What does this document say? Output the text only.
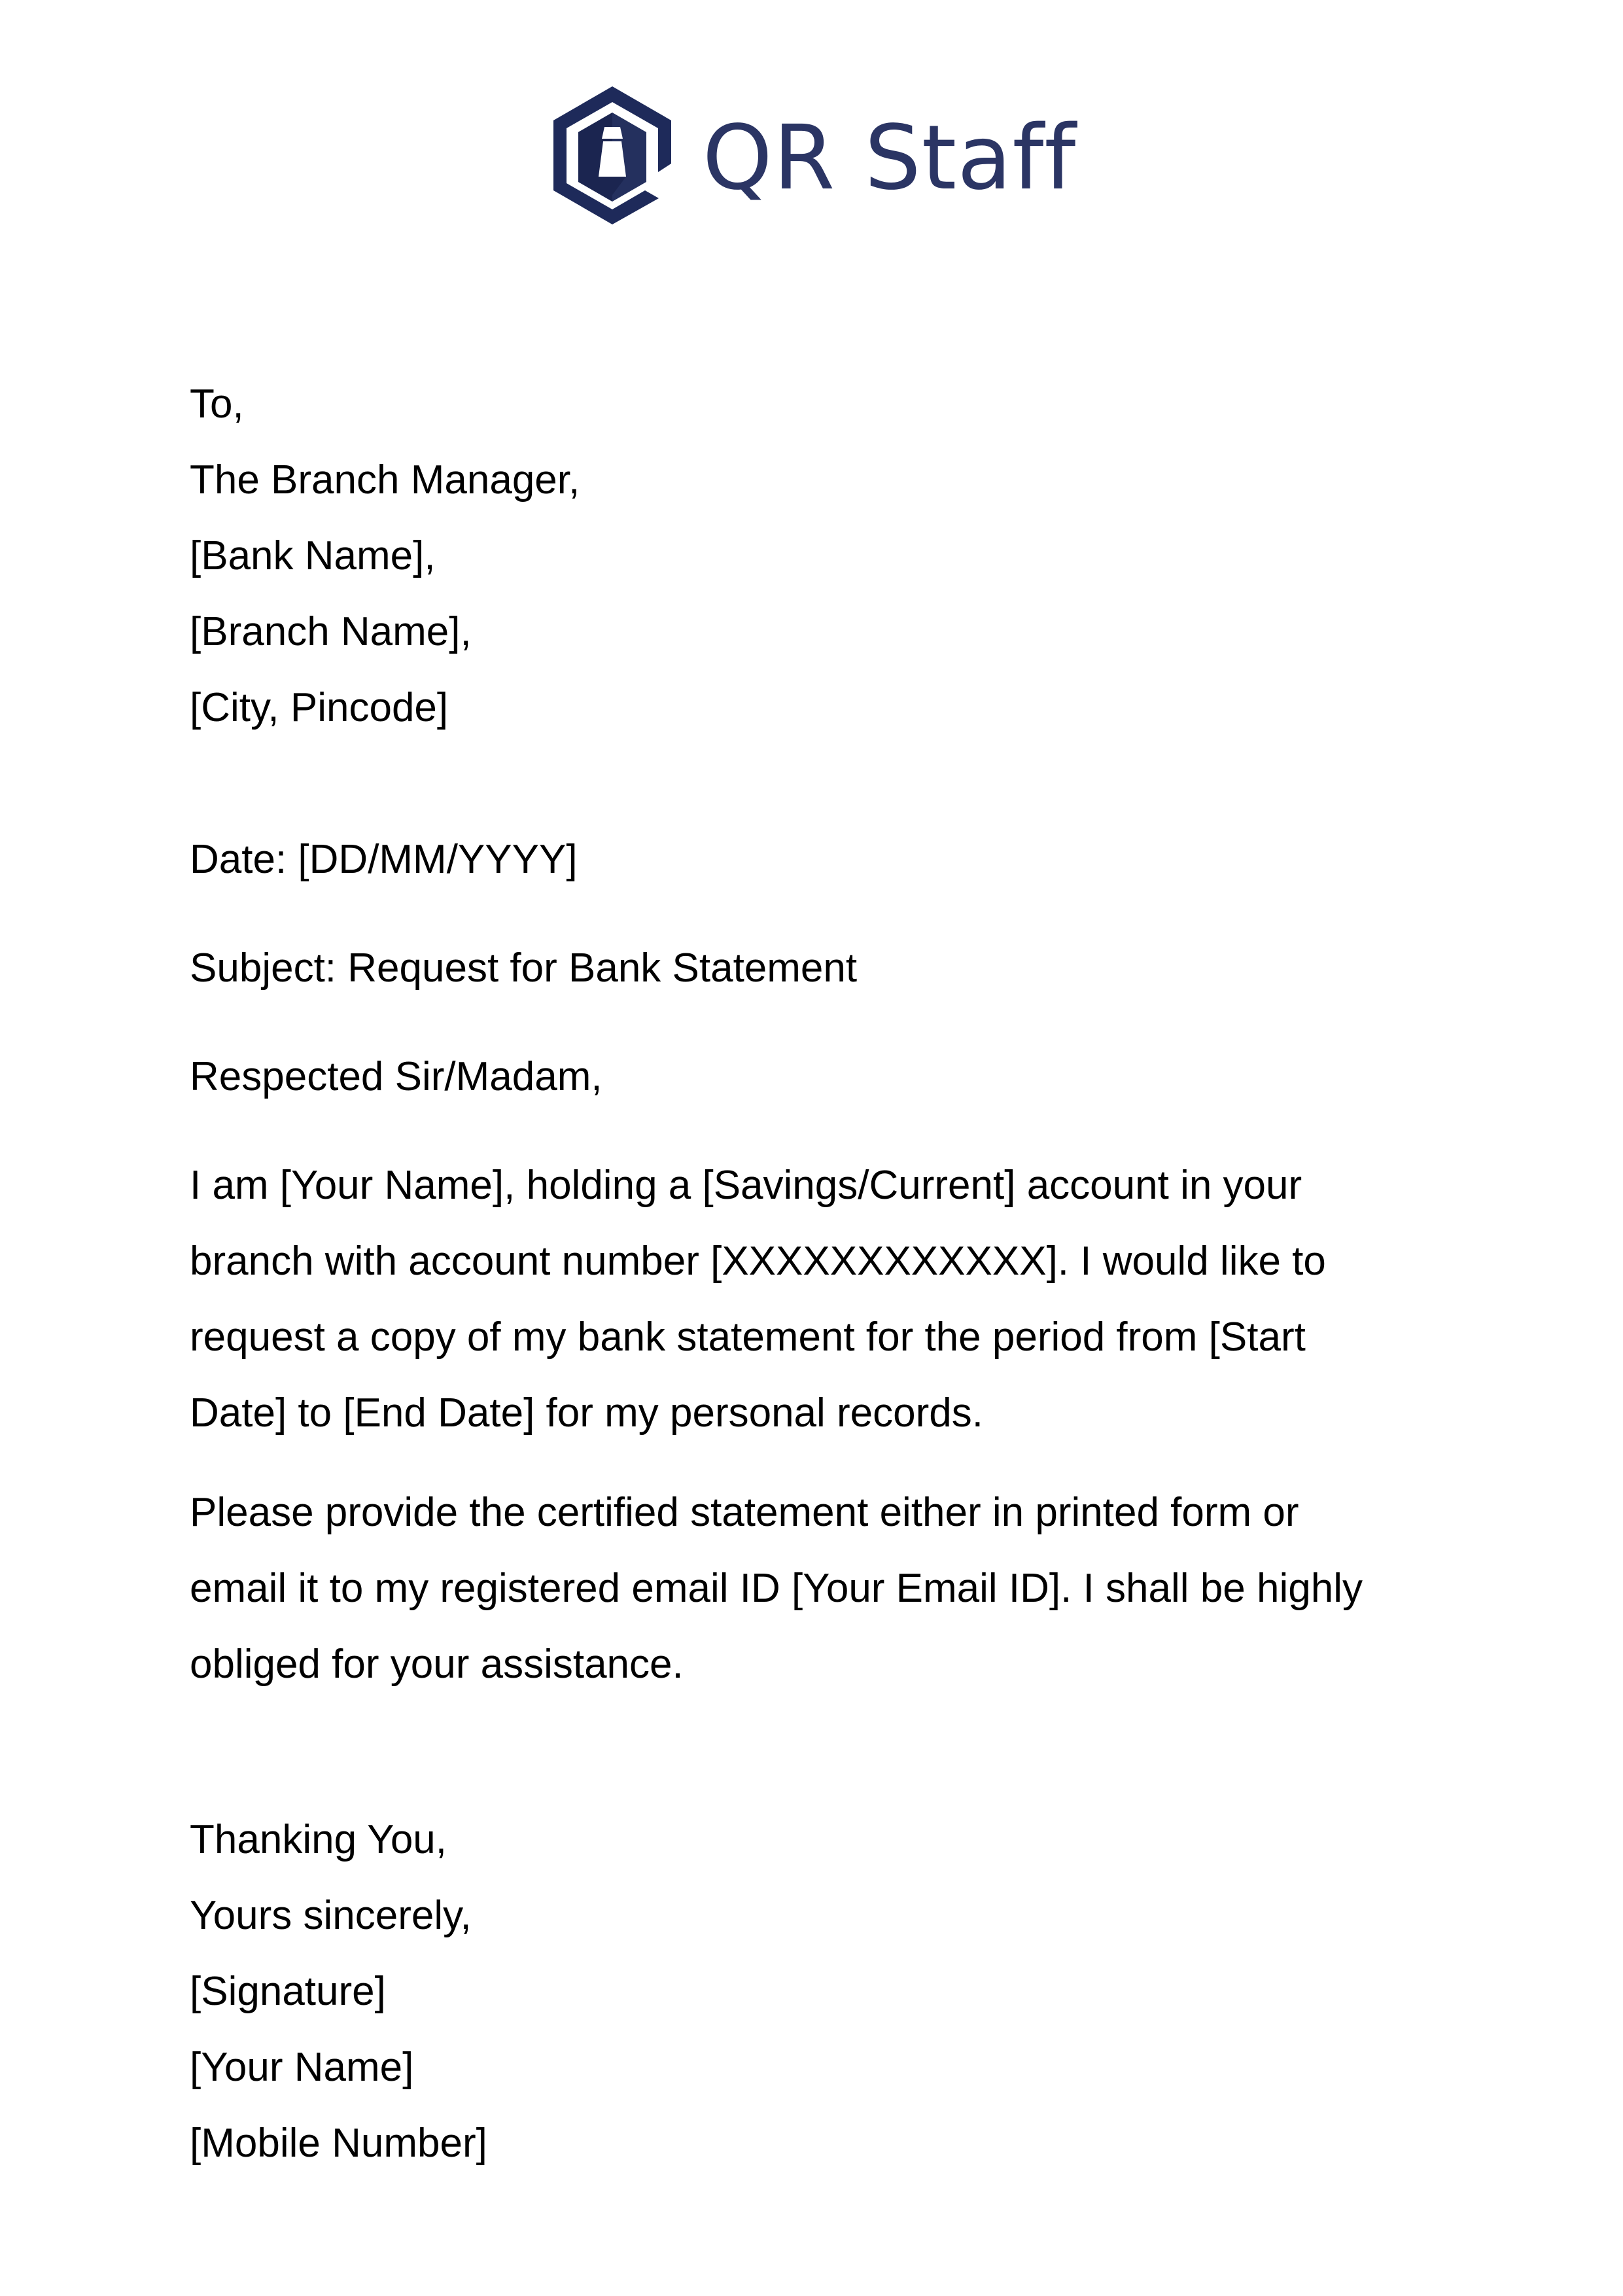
QR Staff
To,
The Branch Manager,
[Bank Name],
[Branch Name],
[City, Pincode]
Date: [DD/MM/YYYY]
Subject: Request for Bank Statement
Respected Sir/Madam,

I am [Your Name], holding a [Savings/Current] account in your branch with account number [XXXXXXXXXXXX]. I would like to request a copy of my bank statement for the period from [Start Date] to [End Date] for my personal records.

Please provide the certified statement either in printed form or email it to my registered email ID [Your Email ID]. I shall be highly obliged for your assistance.

Thanking You,
Yours sincerely,
[Signature]
[Your Name]
[Mobile Number]
